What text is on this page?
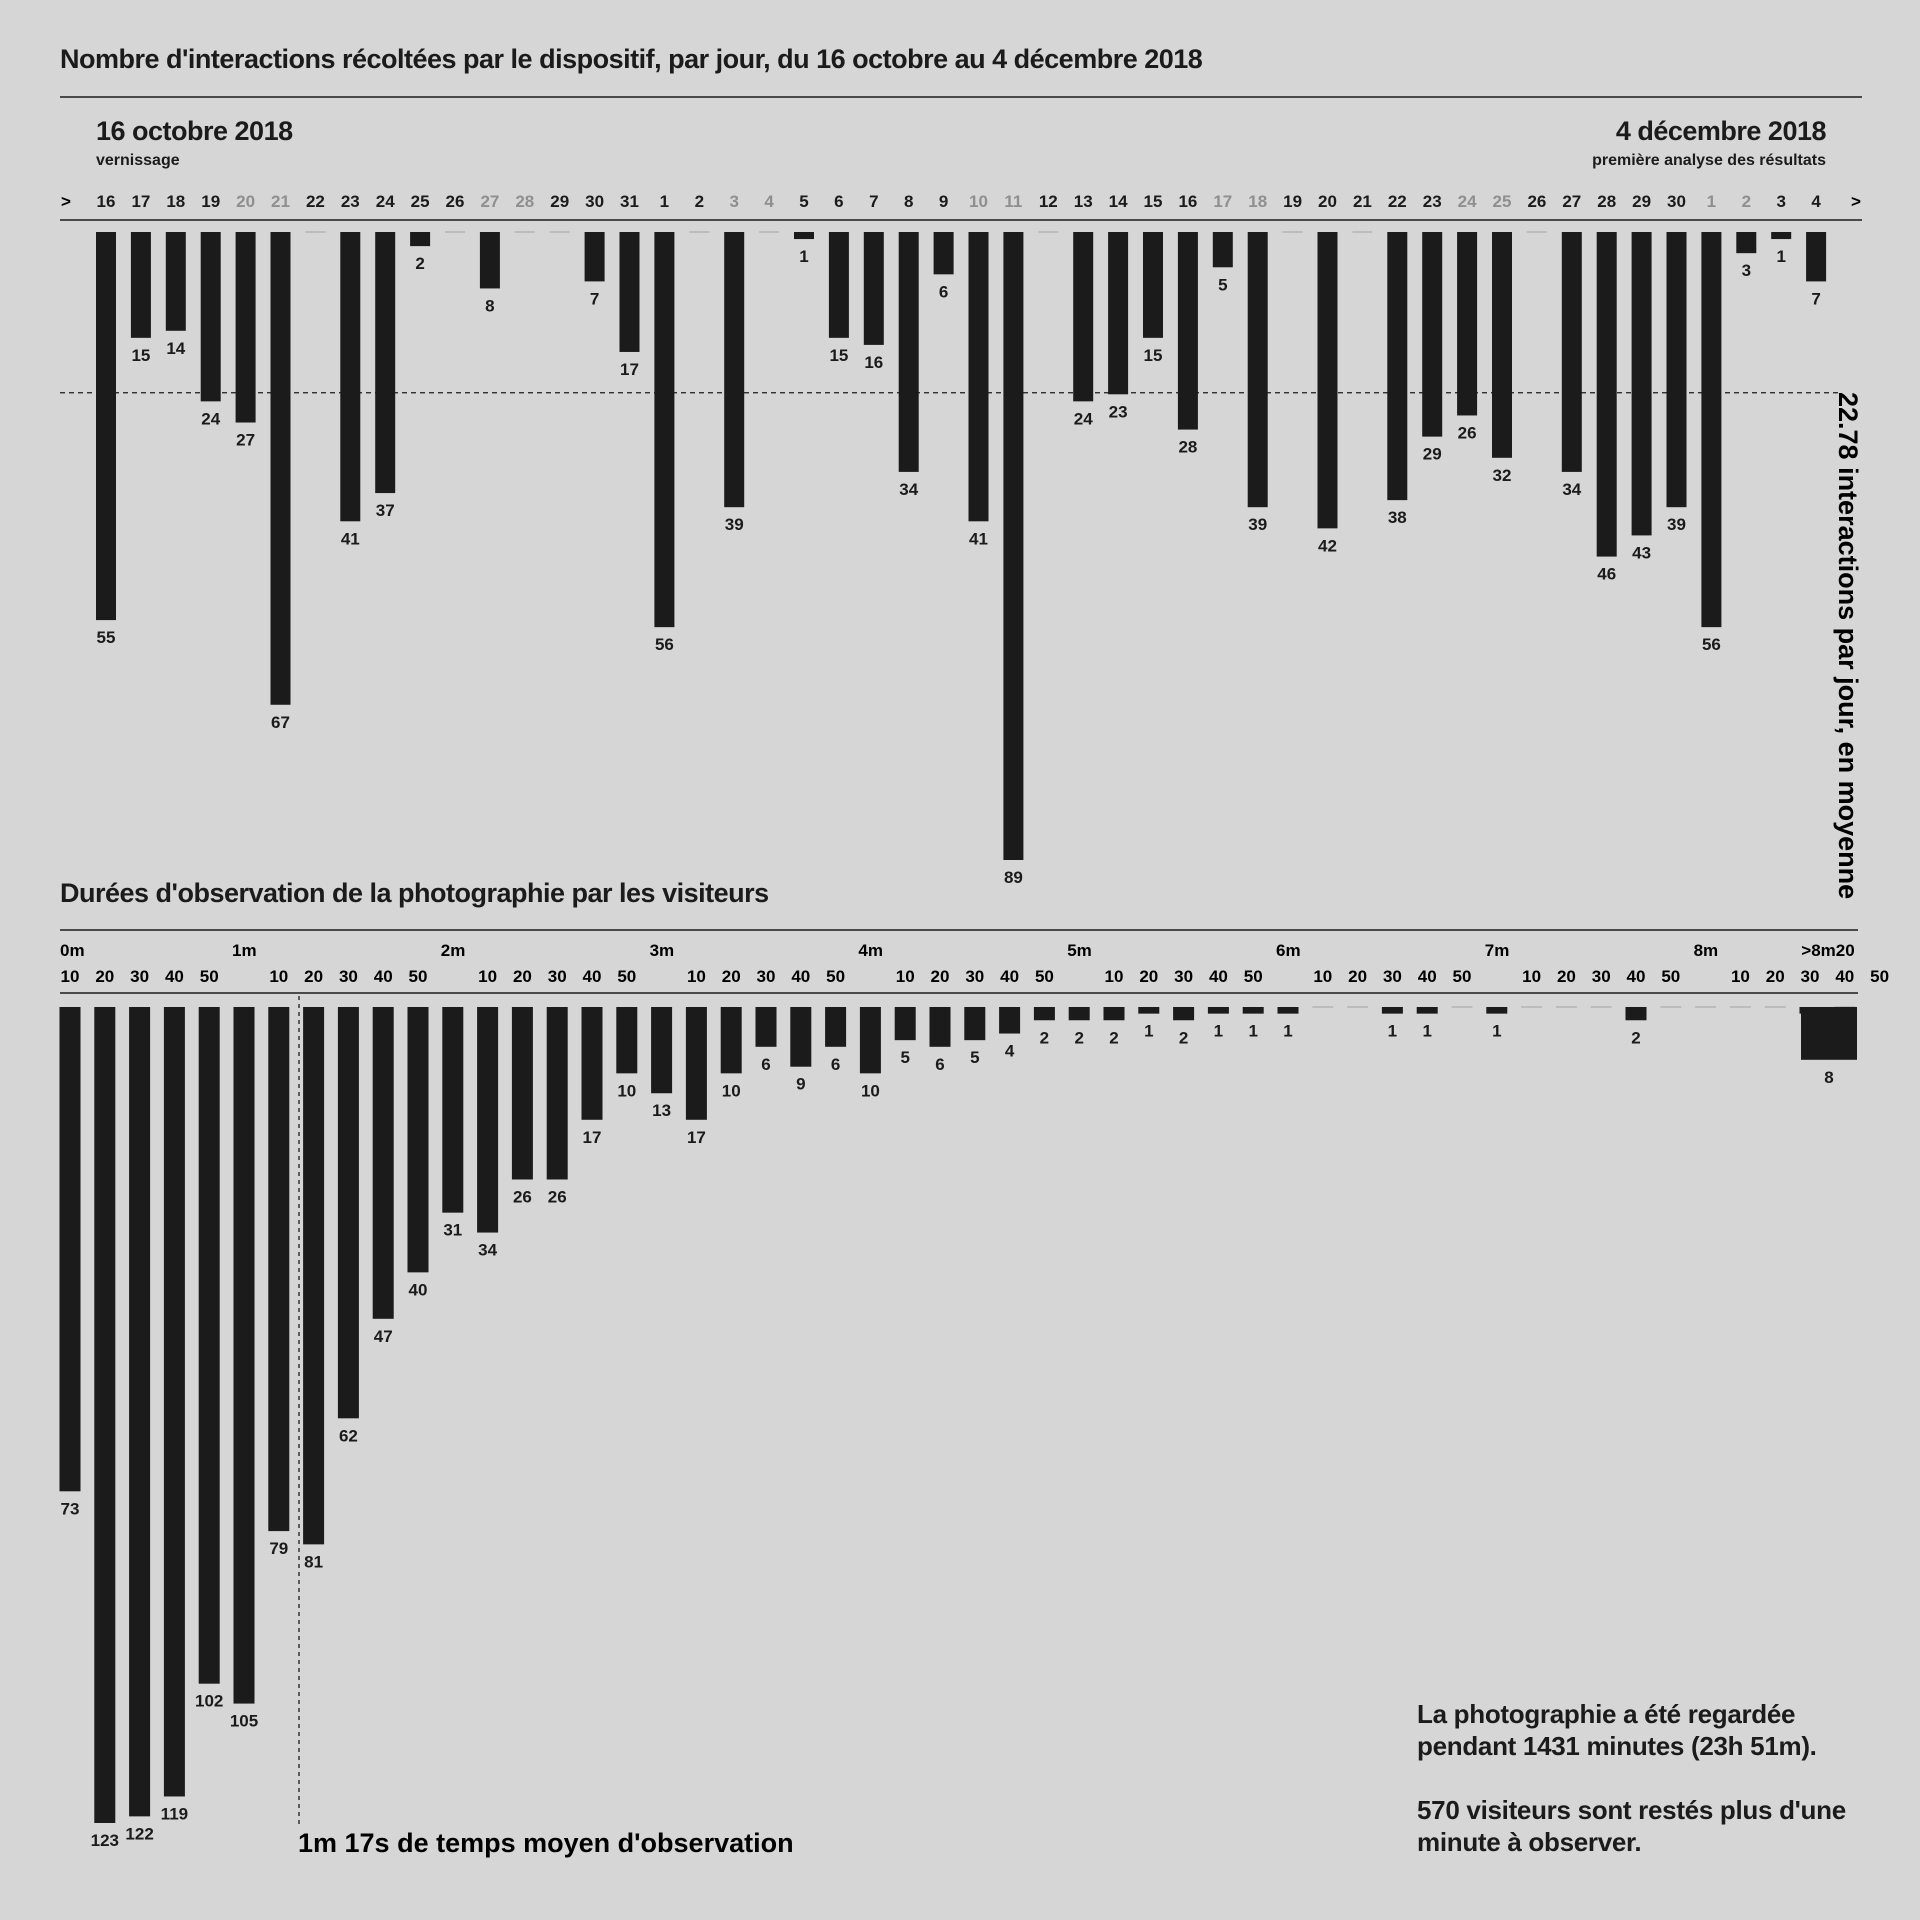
Nombre d'interactions récoltées par le dispositif, par jour, du 16 octobre au 4 décembre 2018
16 octobre 2018
vernissage
4 décembre 2018
première analyse des résultats
>	>
22.78 interactions par jour, en moyenne
16 17 18 19 20 21 22 23 24 25 26 27 28 29 30 31 1 2 3 4 5 6 7 8 9 10 11 12 13 14 15 16 17 18 19 20 21 22 23 24 25 26 27 28 29 30 1 2 3 4
55
15 14
24
27
67
41
37
2
8	7
17
56
39
1
15 16
34
6
41
89
24 23
15
28
5
39
42
38
29
26
32
34
46
43
39
56
3
1
7
Durées d'observation de la photographie par les visiteurs
0m	1m	2m	3m	4m	5m	6m	7m	8m	>8m20
10 20 30 40 50	10 20 30 40 50	10 20 30 40 50	10 20 30 40 50	10 20 30 40 50	10 20 30 40 50	10 20 30 40 50	10 20 30 40 50	10 20 30 40 50
73
123 122
119
102
105
79
81
62
47
40
31
34
26 26
17
10
13
17
10
6
9
6
10
5 6 5 4
2 2 2 1 2 1 1 1	1 1	1	2	1
8
1m 17s de temps moyen d'observation
La photographie a été regardée
pendant 1431 minutes (23h 51m).
570 visiteurs sont restés plus d'une
minute à observer.
